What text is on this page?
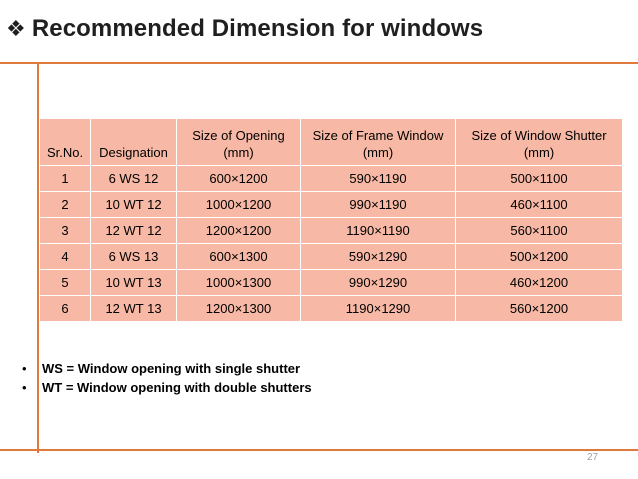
❖ Recommended Dimension for windows
Sr.No.	Designation	Size of Opening (mm)	Size of Frame Window (mm)	Size of Window Shutter (mm)
1	6 WS 12	600×1200	590×1190	500×1100
2	10 WT 12	1000×1200	990×1190	460×1100
3	12 WT 12	1200×1200	1190×1190	560×1100
4	6 WS 13	600×1300	590×1290	500×1200
5	10 WT 13	1000×1300	990×1290	460×1200
6	12 WT 13	1200×1300	1190×1290	560×1200
•	WS = Window opening with single shutter
•	WT = Window opening with double shutters
27
